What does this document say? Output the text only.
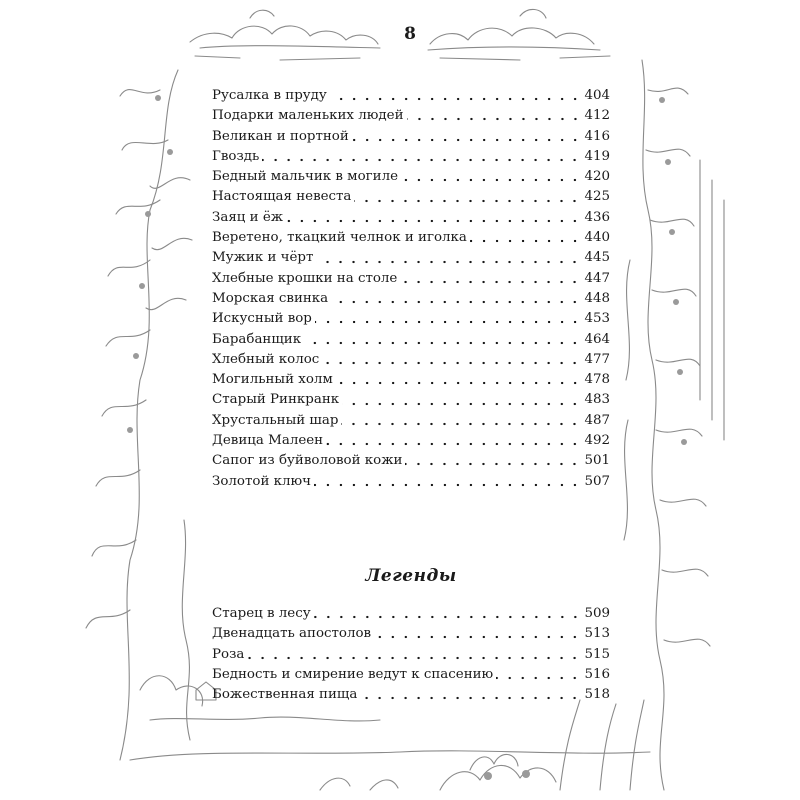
8
Русалка в пруду	404
Подарки маленьких людей	412
Великан и портной	416
Гвоздь	419
Бедный мальчик в могиле	420
Настоящая невеста	425
Заяц и ёж	436
Веретено, ткацкий челнок и иголка	440
Мужик и чёрт	445
Хлебные крошки на столе	447
Морская свинка	448
Искусный вор	453
Барабанщик	464
Хлебный колос	477
Могильный холм	478
Старый Ринкранк	483
Хрустальный шар	487
Девица Малеен	492
Сапог из буйволовой кожи	501
Золотой ключ	507
Легенды
Старец в лесу	509
Двенадцать апостолов	513
Роза	515
Бедность и смирение ведут к спасению	516
Божественная пища	518
